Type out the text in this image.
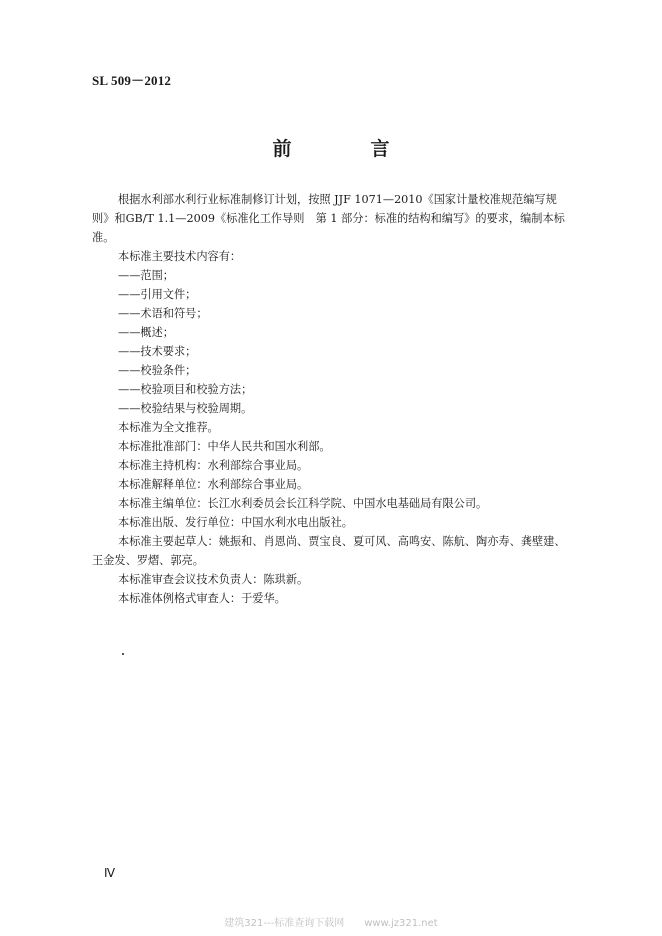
SL 509－2012
前　言

根据水利部水利行业标准制修订计划，按照 JJF 1071—2010《国家计量校准规范编写规则》和GB/T 1.1—2009《标准化工作导则　第 1 部分：标准的结构和编写》的要求，编制本标准。

本标准主要技术内容有：

——范围；

——引用文件；

——术语和符号；

——概述；

——技术要求；

——校验条件；

——校验项目和校验方法；

——校验结果与校验周期。

本标准为全文推荐。

本标准批准部门：中华人民共和国水利部。

本标准主持机构：水利部综合事业局。

本标准解释单位：水利部综合事业局。

本标准主编单位：长江水利委员会长江科学院、中国水电基础局有限公司。

本标准出版、发行单位：中国水利水电出版社。

本标准主要起草人：姚振和、肖恩尚、贾宝良、夏可风、高鸣安、陈航、陶亦寿、龚壁建、王金发、罗熠、郭亮。

本标准审查会议技术负责人：陈珙新。

本标准体例格式审查人：于爱华。

Ⅳ
建筑321---标准查询下载网　　www.jz321.net
